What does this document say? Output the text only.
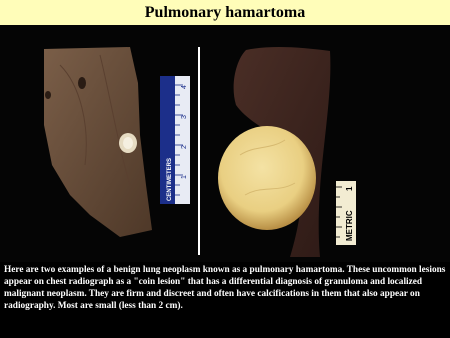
Pulmonary hamartoma
4
3
2
1
CENTIMETERS	1
METRIC
Here are two examples of a benign lung neoplasm known as a pulmonary hamartoma. These uncommon lesions appear on chest radiograph as a "coin lesion" that has a differential diagnosis of granuloma and localized malignant neoplasm. They are firm and discreet and often have calcifications in them that also appear on radiography. Most are small (less than 2 cm).
